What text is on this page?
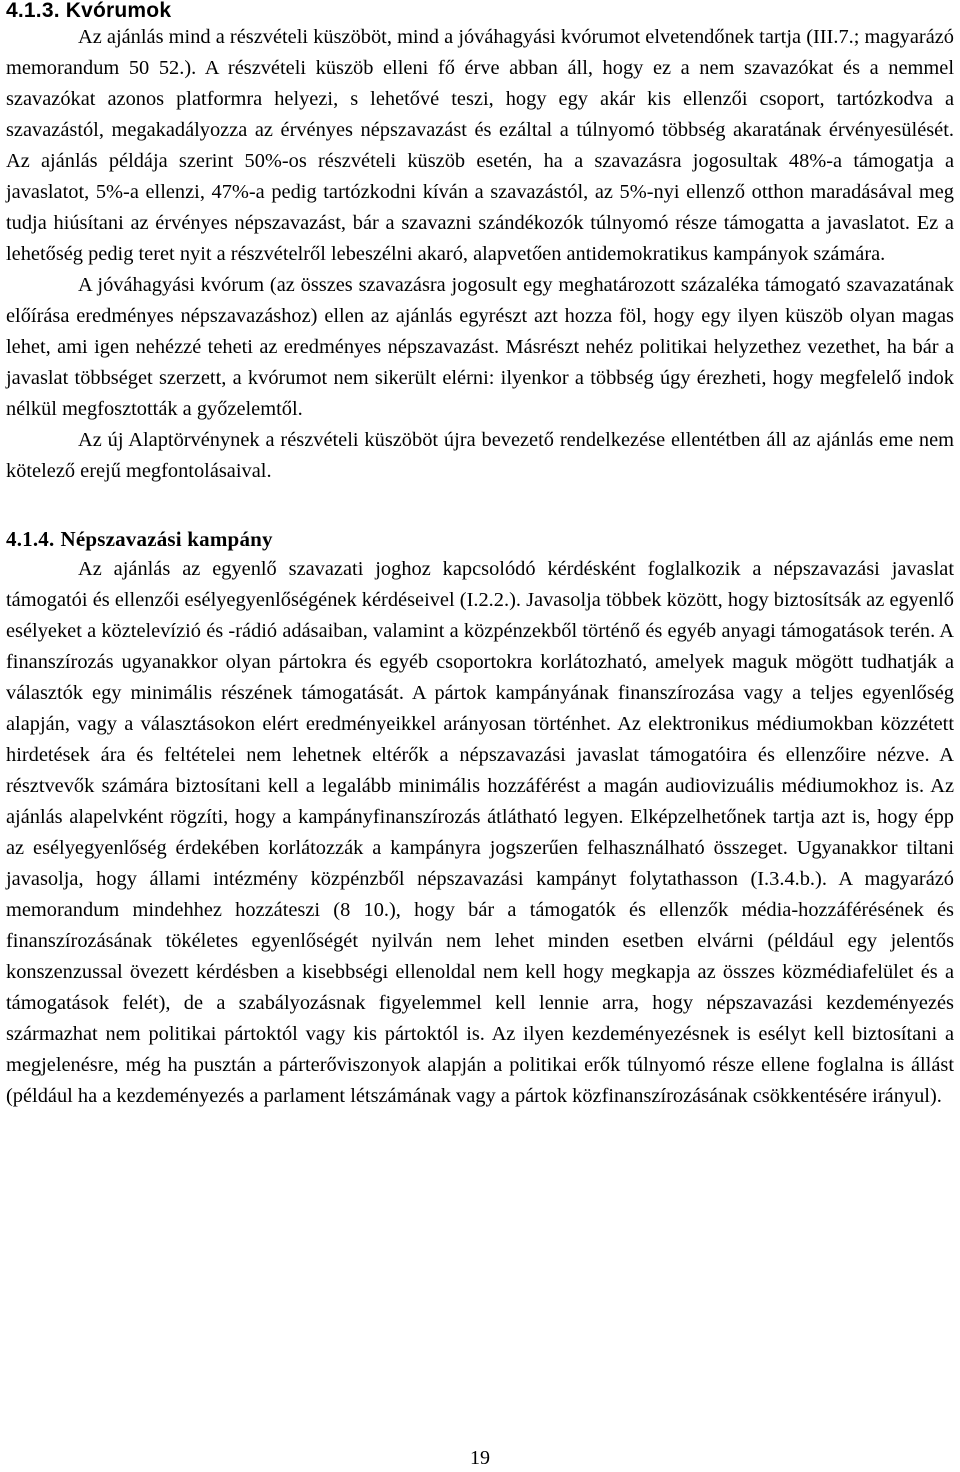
4.1.3. Kvórumok

Az ajánlás mind a részvételi küszöböt, mind a jóváhagyási kvórumot elvetendőnek tartja (III.7.; magyarázó memorandum 50 52.). A részvételi küszöb elleni fő érve abban áll, hogy ez a nem szavazókat és a nemmel szavazókat azonos platformra helyezi, s lehetővé teszi, hogy egy akár kis ellenzői csoport, tartózkodva a szavazástól, megakadályozza az érvényes népszavazást és ezáltal a túlnyomó többség akaratának érvényesülését. Az ajánlás példája szerint 50%-os részvételi küszöb esetén, ha a szavazásra jogosultak 48%-a támogatja a javaslatot, 5%-a ellenzi, 47%-a pedig tartózkodni kíván a szavazástól, az 5%-nyi ellenző otthon maradásával meg tudja hiúsítani az érvényes népszavazást, bár a szavazni szándékozók túlnyomó része támogatta a javaslatot. Ez a lehetőség pedig teret nyit a részvételről lebeszélni akaró, alapvetően antidemokratikus kampányok számára.

A jóváhagyási kvórum (az összes szavazásra jogosult egy meghatározott százaléka támogató szavazatának előírása eredményes népszavazáshoz) ellen az ajánlás egyrészt azt hozza föl, hogy egy ilyen küszöb olyan magas lehet, ami igen nehézzé teheti az eredményes népszavazást. Másrészt nehéz politikai helyzethez vezethet, ha bár a javaslat többséget szerzett, a kvórumot nem sikerült elérni: ilyenkor a többség úgy érezheti, hogy megfelelő indok nélkül megfosztották a győzelemtől.

Az új Alaptörvénynek a részvételi küszöböt újra bevezető rendelkezése ellentétben áll az ajánlás eme nem kötelező erejű megfontolásaival.

4.1.4. Népszavazási kampány

Az ajánlás az egyenlő szavazati joghoz kapcsolódó kérdésként foglalkozik a népszavazási javaslat támogatói és ellenzői esélyegyenlőségének kérdéseivel (I.2.2.). Javasolja többek között, hogy biztosítsák az egyenlő esélyeket a köztelevízió és -rádió adásaiban, valamint a közpénzekből történő és egyéb anyagi támogatások terén. A finanszírozás ugyanakkor olyan pártokra és egyéb csoportokra korlátozható, amelyek maguk mögött tudhatják a választók egy minimális részének támogatását. A pártok kampányának finanszírozása vagy a teljes egyenlőség alapján, vagy a választásokon elért eredményeikkel arányosan történhet. Az elektronikus médiumokban közzétett hirdetések ára és feltételei nem lehetnek eltérők a népszavazási javaslat támogatóira és ellenzőire nézve. A résztvevők számára biztosítani kell a legalább minimális hozzáférést a magán audiovizuális médiumokhoz is. Az ajánlás alapelvként rögzíti, hogy a kampányfinanszírozás átlátható legyen. Elképzelhetőnek tartja azt is, hogy épp az esélyegyenlőség érdekében korlátozzák a kampányra jogszerűen felhasználható összeget. Ugyanakkor tiltani javasolja, hogy állami intézmény közpénzből népszavazási kampányt folytathasson (I.3.4.b.). A magyarázó memorandum mindehhez hozzáteszi (8 10.), hogy bár a támogatók és ellenzők média-hozzáférésének és finanszírozásának tökéletes egyenlőségét nyilván nem lehet minden esetben elvárni (például egy jelentős konszenzussal övezett kérdésben a kisebbségi ellenoldal nem kell hogy megkapja az összes közmédiafelület és a támogatások felét), de a szabályozásnak figyelemmel kell lennie arra, hogy népszavazási kezdeményezés származhat nem politikai pártoktól vagy kis pártoktól is. Az ilyen kezdeményezésnek is esélyt kell biztosítani a megjelenésre, még ha pusztán a párterőviszonyok alapján a politikai erők túlnyomó része ellene foglalna is állást (például ha a kezdeményezés a parlament létszámának vagy a pártok közfinanszírozásának csökkentésére irányul).

19
